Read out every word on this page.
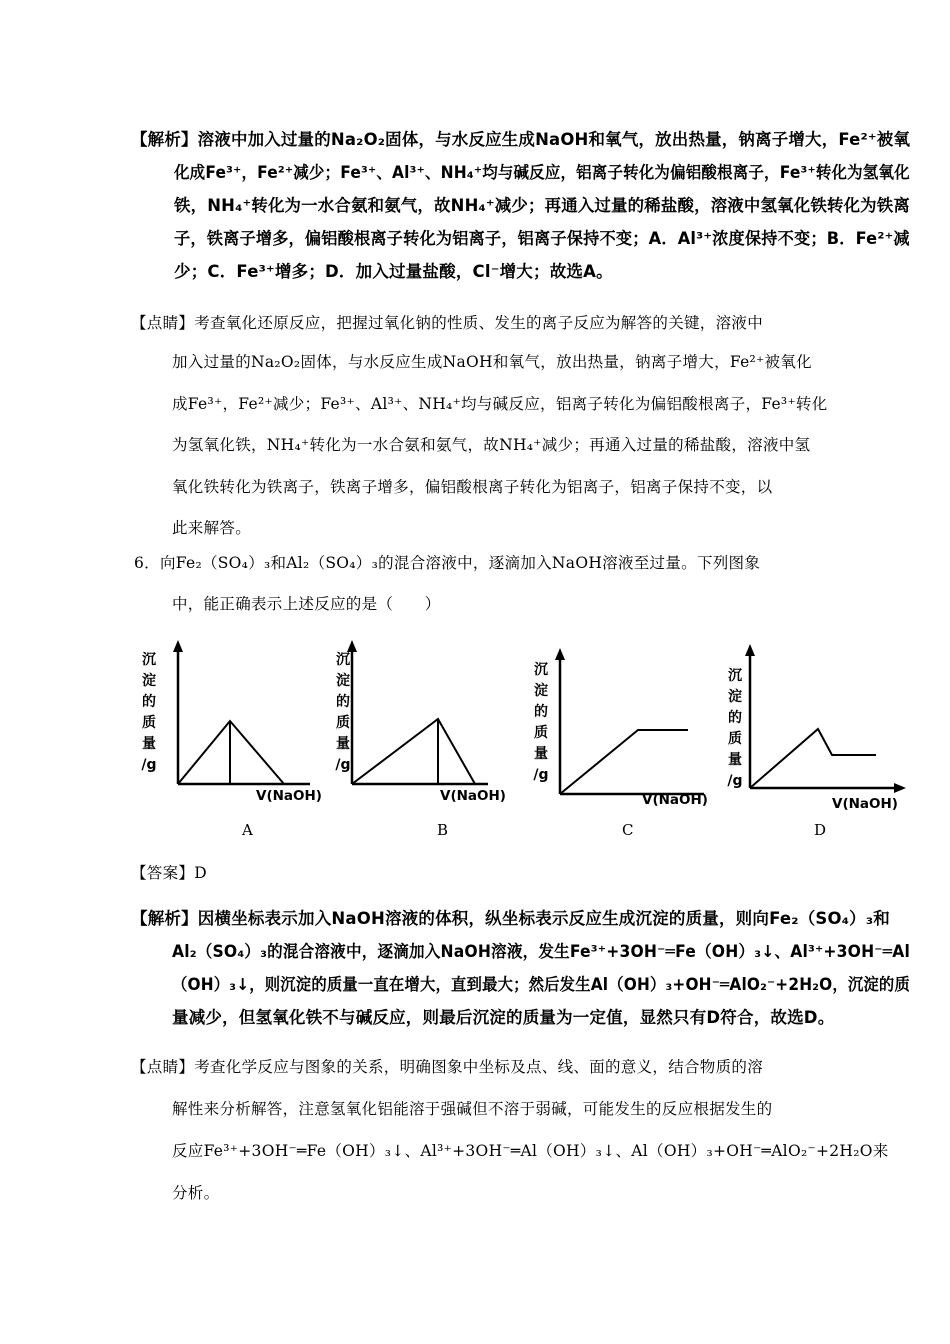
【解析】溶液中加入过量的Na₂O₂固体，与水反应生成NaOH和氧气，放出热量，钠离子增大，Fe²⁺被氧
化成Fe³⁺，Fe²⁺减少；Fe³⁺、Al³⁺、NH₄⁺均与碱反应，铝离子转化为偏铝酸根离子，Fe³⁺转化为氢氧化
铁，NH₄⁺转化为一水合氨和氨气，故NH₄⁺减少；再通入过量的稀盐酸，溶液中氢氧化铁转化为铁离
子，铁离子增多，偏铝酸根离子转化为铝离子，铝离子保持不变；A．Al³⁺浓度保持不变；B．Fe²⁺减
少；C．Fe³⁺增多；D．加入过量盐酸，Cl⁻增大；故选A。
【点睛】考查氧化还原反应，把握过氧化钠的性质、发生的离子反应为解答的关键，溶液中
加入过量的Na₂O₂固体，与水反应生成NaOH和氧气，放出热量，钠离子增大，Fe²⁺被氧化
成Fe³⁺，Fe²⁺减少；Fe³⁺、Al³⁺、NH₄⁺均与碱反应，铝离子转化为偏铝酸根离子，Fe³⁺转化
为氢氧化铁，NH₄⁺转化为一水合氨和氨气，故NH₄⁺减少；再通入过量的稀盐酸，溶液中氢
氧化铁转化为铁离子，铁离子增多，偏铝酸根离子转化为铝离子，铝离子保持不变，以
此来解答。
6．向Fe₂（SO₄）₃和Al₂（SO₄）₃的混合溶液中，逐滴加入NaOH溶液至过量。下列图象
中，能正确表示上述反应的是（　　）
沉
淀
的
质
量
/g
V(NaOH)
A
沉
淀
的
质
量
/g
V(NaOH)
B
沉
淀
的
质
量
/g
V(NaOH)
C
沉
淀
的
质
量
/g
V(NaOH)
D
【答案】D
【解析】因横坐标表示加入NaOH溶液的体积，纵坐标表示反应生成沉淀的质量，则向Fe₂（SO₄）₃和
Al₂（SO₄）₃的混合溶液中，逐滴加入NaOH溶液，发生Fe³⁺+3OH⁻═Fe（OH）₃↓、Al³⁺+3OH⁻═Al
（OH）₃↓，则沉淀的质量一直在增大，直到最大；然后发生Al（OH）₃+OH⁻═AlO₂⁻+2H₂O，沉淀的质
量减少，但氢氧化铁不与碱反应，则最后沉淀的质量为一定值，显然只有D符合，故选D。
【点睛】考查化学反应与图象的关系，明确图象中坐标及点、线、面的意义，结合物质的溶
解性来分析解答，注意氢氧化铝能溶于强碱但不溶于弱碱，可能发生的反应根据发生的
反应Fe³⁺+3OH⁻═Fe（OH）₃↓、Al³⁺+3OH⁻═Al（OH）₃↓、Al（OH）₃+OH⁻═AlO₂⁻+2H₂O来
分析。
